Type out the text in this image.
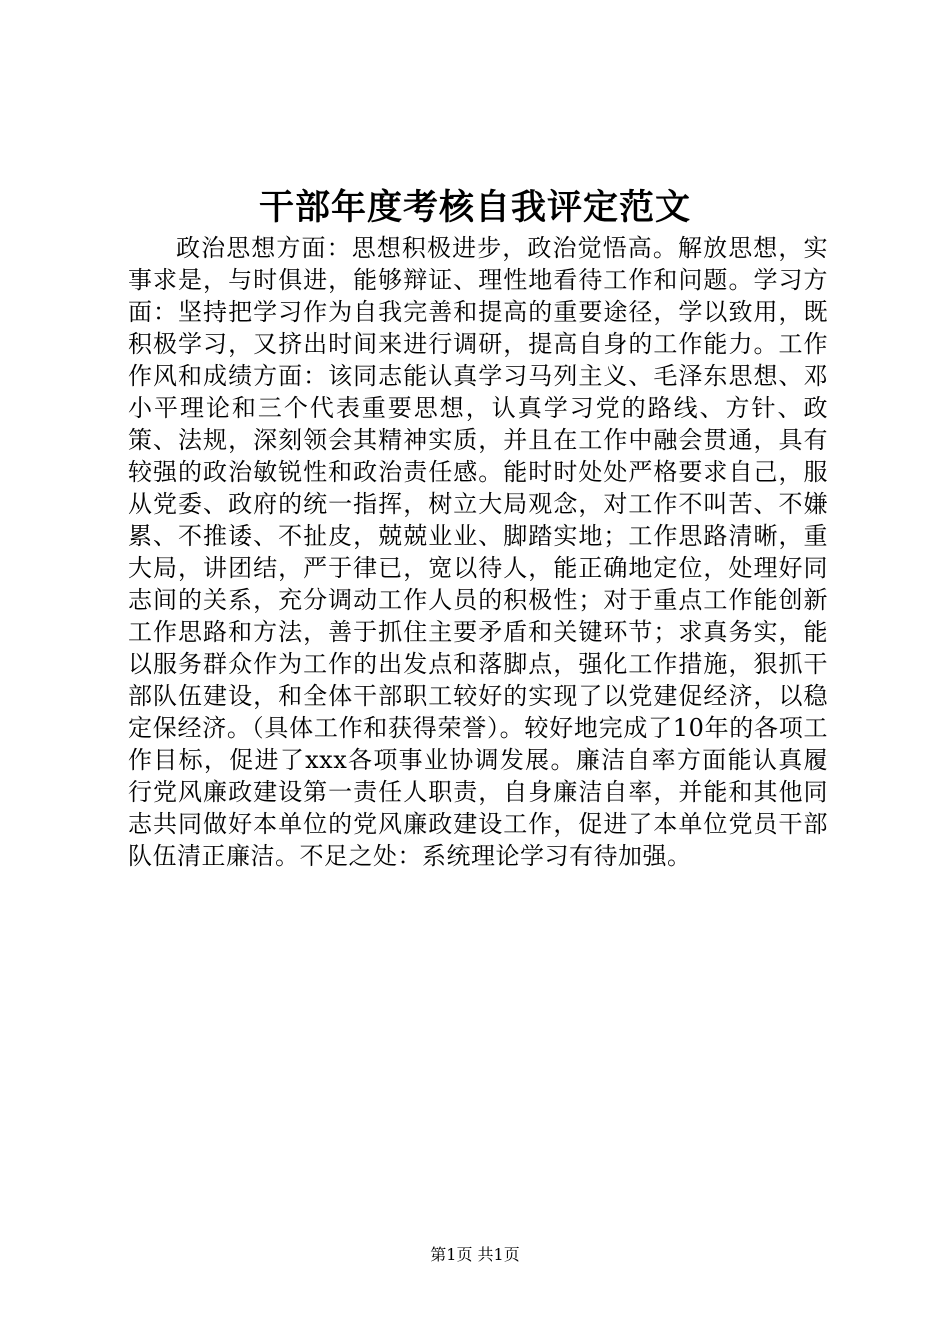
干部年度考核自我评定范文

政治思想方面：思想积极进步，政治觉悟高。解放思想，实事求是，与时俱进，能够辩证、理性地看待工作和问题。学习方面：坚持把学习作为自我完善和提高的重要途径，学以致用，既积极学习，又挤出时间来进行调研，提高自身的工作能力。工作作风和成绩方面：该同志能认真学习马列主义、毛泽东思想、邓小平理论和三个代表重要思想，认真学习党的路线、方针、政策、法规，深刻领会其精神实质，并且在工作中融会贯通，具有较强的政治敏锐性和政治责任感。能时时处处严格要求自己，服从党委、政府的统一指挥，树立大局观念，对工作不叫苦、不嫌累、不推诿、不扯皮，兢兢业业、脚踏实地；工作思路清晰，重大局，讲团结，严于律已，宽以待人，能正确地定位，处理好同志间的关系，充分调动工作人员的积极性；对于重点工作能创新工作思路和方法，善于抓住主要矛盾和关键环节；求真务实，能以服务群众作为工作的出发点和落脚点，强化工作措施，狠抓干部队伍建设，和全体干部职工较好的实现了以党建促经济，以稳定保经济。（具体工作和获得荣誉）。较好地完成了10年的各项工作目标，促进了xxx各项事业协调发展。廉洁自率方面能认真履行党风廉政建设第一责任人职责，自身廉洁自率，并能和其他同志共同做好本单位的党风廉政建设工作，促进了本单位党员干部队伍清正廉洁。不足之处：系统理论学习有待加强。

第1页 共1页
